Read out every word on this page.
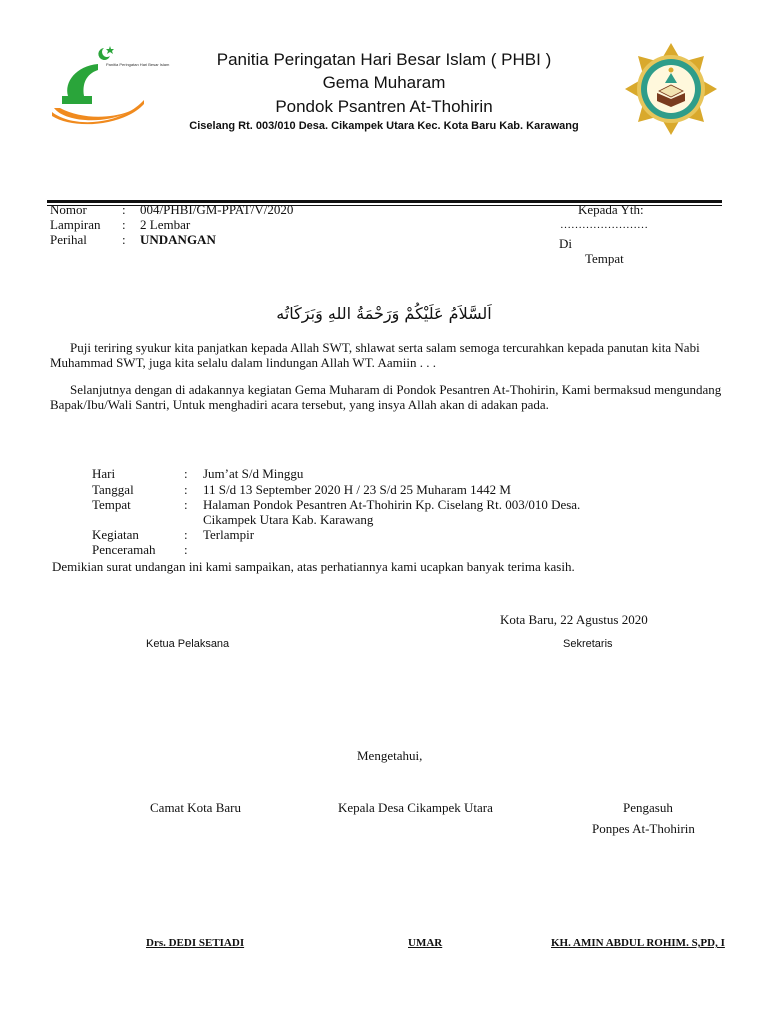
Panitia Peringatan Hari Besar Islam	Panitia Peringatan Hari Besar Islam ( PHBI )
Gema Muharam
Pondok Psantren At-Thohirin
Ciselang Rt. 003/010 Desa. Cikampek Utara Kec. Kota Baru Kab. Karawang
Nomor	: 004/PHBI/GM-PPAT/V/2020
Lampiran : 2 Lembar
Perihal	: UNDANGAN
Kepada Yth:
……………………
Di
Tempat
اَلسَّلاَمُ عَلَيْكُمْ وَرَحْمَةُ اللهِ وَبَرَكَاتُه
Puji teriring syukur kita panjatkan kepada Allah SWT, shlawat serta salam semoga tercurahkan kepada panutan kita Nabi Muhammad SWT, juga kita selalu dalam lindungan Allah WT. Aamiin . . .
Selanjutnya dengan di adakannya kegiatan Gema Muharam di Pondok Pesantren At-Thohirin, Kami bermaksud mengundang Bapak/Ibu/Wali Santri, Untuk menghadiri acara tersebut, yang insya Allah akan di adakan pada.
Hari	: Jum’at S/d Minggu
Tanggal	: 11 S/d 13 September 2020 H / 23 S/d 25 Muharam 1442 M
Tempat	: Halaman Pondok Pesantren At-Thohirin Kp. Ciselang Rt. 003/010 Desa.
Cikampek Utara Kab. Karawang
Kegiatan	: Terlampir
Penceramah :
Demikian surat undangan ini kami sampaikan, atas perhatiannya kami ucapkan banyak terima kasih.
Kota Baru, 22 Agustus 2020
Ketua Pelaksana	Sekretaris
Mengetahui,
Camat Kota Baru	Kepala Desa Cikampek Utara	Pengasuh
Ponpes At-Thohirin
Drs. DEDI SETIADI	UMAR	KH. AMIN ABDUL ROHIM. S,PD, I
